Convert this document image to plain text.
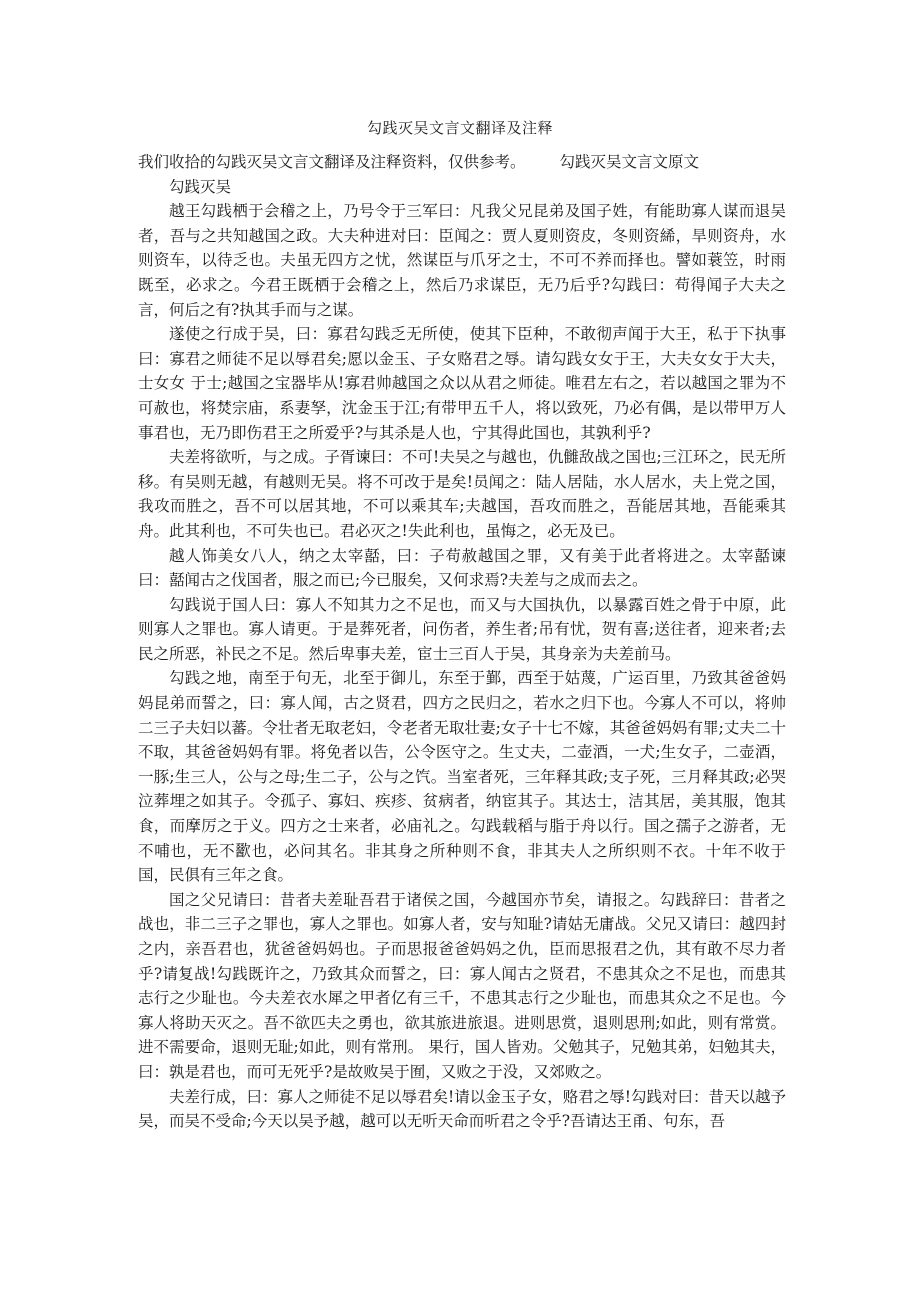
勾践灭吴文言文翻译及注释

我们收拾的勾践灭吴文言文翻译及注释资料，仅供参考。 勾践灭吴文言文原文

勾践灭吴

越王勾践栖于会稽之上，乃号令于三军曰：凡我父兄昆弟及国子姓，有能助寡人谋而退吴者，吾与之共知越国之政。大夫种进对曰：臣闻之：贾人夏则资皮，冬则资絺，旱则资舟，水则资车，以待乏也。夫虽无四方之忧，然谋臣与爪牙之士，不可不养而择也。譬如蓑笠，时雨既至，必求之。今君王既栖于会稽之上，然后乃求谋臣，无乃后乎?勾践曰：苟得闻子大夫之言，何后之有?执其手而与之谋。

遂使之行成于吴，曰：寡君勾践乏无所使，使其下臣种，不敢彻声闻于大王，私于下执事曰：寡君之师徒不足以辱君矣;愿以金玉、子女赂君之辱。请勾践女女于王，大夫女女于大夫，士女女 于士;越国之宝器毕从!寡君帅越国之众以从君之师徒。唯君左右之，若以越国之罪为不可赦也，将焚宗庙，系妻孥，沈金玉于江;有带甲五千人，将以致死，乃必有偶，是以带甲万人事君也，无乃即伤君王之所爱乎?与其杀是人也，宁其得此国也，其孰利乎?

夫差将欲听，与之成。子胥谏曰：不可!夫吴之与越也，仇雠敌战之国也;三江环之，民无所移。有吴则无越，有越则无吴。将不可改于是矣!员闻之：陆人居陆，水人居水，夫上党之国，我攻而胜之，吾不可以居其地，不可以乘其车;夫越国，吾攻而胜之，吾能居其地，吾能乘其舟。此其利也，不可失也已。君必灭之!失此利也，虽悔之，必无及已。

越人饰美女八人，纳之太宰嚭，曰：子苟赦越国之罪，又有美于此者将进之。太宰嚭谏曰：嚭闻古之伐国者，服之而已;今已服矣，又何求焉?夫差与之成而去之。

勾践说于国人曰：寡人不知其力之不足也，而又与大国执仇，以暴露百姓之骨于中原，此则寡人之罪也。寡人请更。于是葬死者，问伤者，养生者;吊有忧，贺有喜;送往者，迎来者;去民之所恶，补民之不足。然后卑事夫差，宦士三百人于吴，其身亲为夫差前马。

勾践之地，南至于句无，北至于御儿，东至于鄞，西至于姑蔑，广运百里，乃致其爸爸妈妈昆弟而誓之，曰：寡人闻，古之贤君，四方之民归之，若水之归下也。今寡人不可以，将帅二三子夫妇以蕃。令壮者无取老妇，令老者无取壮妻;女子十七不嫁，其爸爸妈妈有罪;丈夫二十不取，其爸爸妈妈有罪。将免者以告，公令医守之。生丈夫，二壶酒，一犬;生女子，二壶酒，一豚;生三人，公与之母;生二子，公与之饩。当室者死，三年释其政;支子死，三月释其政;必哭泣葬埋之如其子。令孤子、寡妇、疾疹、贫病者，纳宦其子。其达士，洁其居，美其服，饱其食，而摩厉之于义。四方之士来者，必庙礼之。勾践载稻与脂于舟以行。国之孺子之游者，无不哺也，无不歠也，必问其名。非其身之所种则不食，非其夫人之所织则不衣。十年不收于国，民俱有三年之食。

国之父兄请曰：昔者夫差耻吾君于诸侯之国，今越国亦节矣，请报之。勾践辞曰：昔者之战也，非二三子之罪也，寡人之罪也。如寡人者，安与知耻?请姑无庸战。父兄又请曰：越四封之内，亲吾君也，犹爸爸妈妈也。子而思报爸爸妈妈之仇，臣而思报君之仇，其有敢不尽力者乎?请复战!勾践既许之，乃致其众而誓之，曰：寡人闻古之贤君，不患其众之不足也，而患其志行之少耻也。今夫差衣水犀之甲者亿有三千，不患其志行之少耻也，而患其众之不足也。今寡人将助天灭之。吾不欲匹夫之勇也，欲其旅进旅退。进则思赏，退则思刑;如此，则有常赏。进不需要命，退则无耻;如此，则有常刑。 果行，国人皆劝。父勉其子，兄勉其弟，妇勉其夫，曰：孰是君也，而可无死乎?是故败吴于囿，又败之于没，又郊败之。

夫差行成，曰：寡人之师徒不足以辱君矣!请以金玉子女，赂君之辱!勾践对曰：昔天以越予吴，而吴不受命;今天以吴予越，越可以无听天命而听君之令乎?吾请达王甬、句东，吾
